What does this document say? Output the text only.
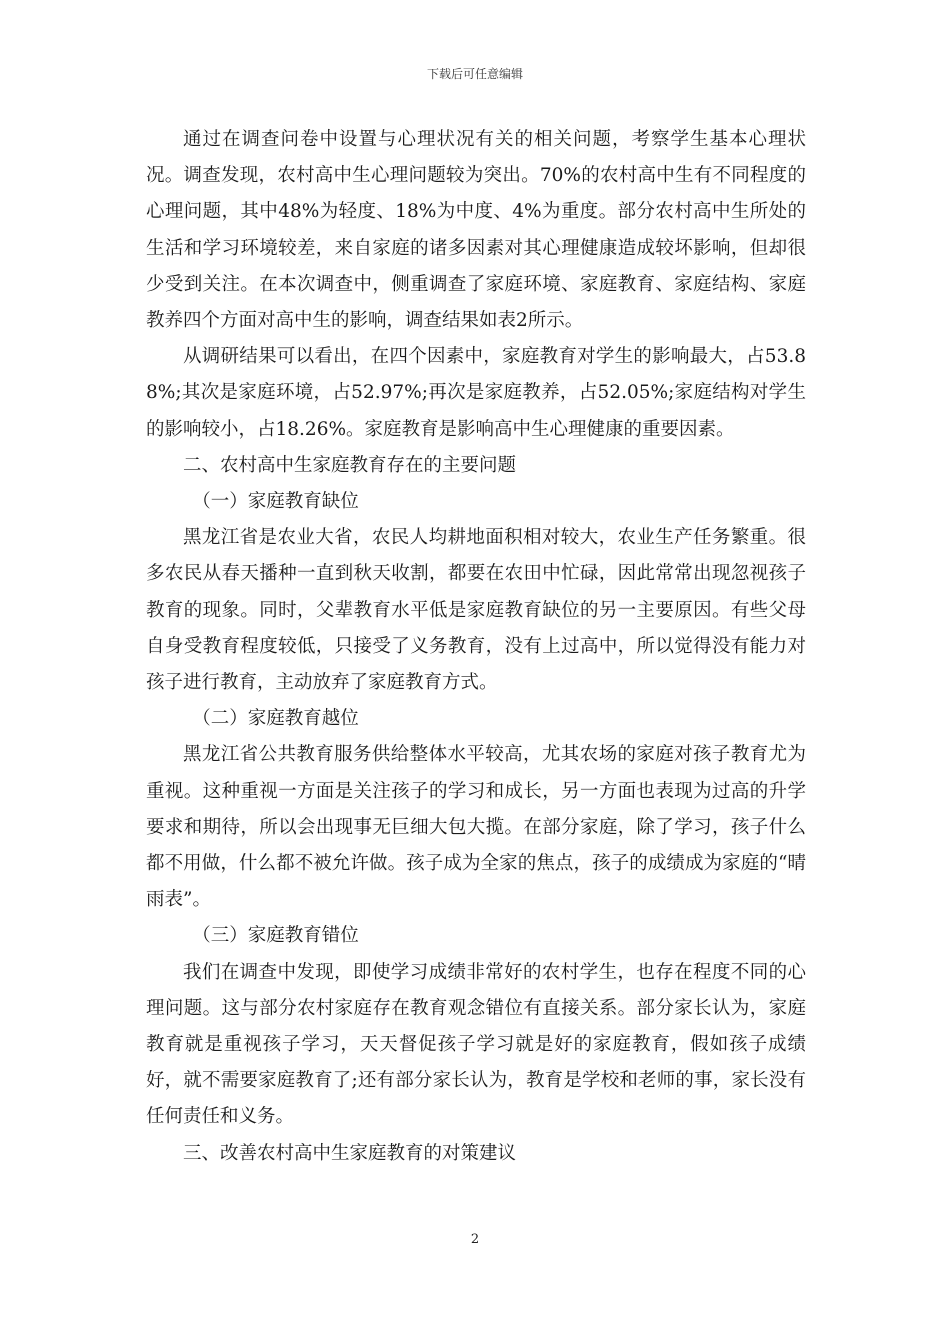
下载后可任意编辑

通过在调查问卷中设置与心理状况有关的相关问题，考察学生基本心理状况。调查发现，农村高中生心理问题较为突出。70%的农村高中生有不同程度的心理问题，其中48%为轻度、18%为中度、4%为重度。部分农村高中生所处的生活和学习环境较差，来自家庭的诸多因素对其心理健康造成较坏影响，但却很少受到关注。在本次调查中，侧重调查了家庭环境、家庭教育、家庭结构、家庭教养四个方面对高中生的影响，调查结果如表2所示。

从调研结果可以看出，在四个因素中，家庭教育对学生的影响最大，占53.88%;其次是家庭环境，占52.97%;再次是家庭教养，占52.05%;家庭结构对学生的影响较小，占18.26%。家庭教育是影响高中生心理健康的重要因素。

二、农村高中生家庭教育存在的主要问题

（一）家庭教育缺位

黑龙江省是农业大省，农民人均耕地面积相对较大，农业生产任务繁重。很多农民从春天播种一直到秋天收割，都要在农田中忙碌，因此常常出现忽视孩子教育的现象。同时，父辈教育水平低是家庭教育缺位的另一主要原因。有些父母自身受教育程度较低，只接受了义务教育，没有上过高中，所以觉得没有能力对孩子进行教育，主动放弃了家庭教育方式。

（二）家庭教育越位

黑龙江省公共教育服务供给整体水平较高，尤其农场的家庭对孩子教育尤为重视。这种重视一方面是关注孩子的学习和成长，另一方面也表现为过高的升学要求和期待，所以会出现事无巨细大包大揽。在部分家庭，除了学习，孩子什么都不用做，什么都不被允许做。孩子成为全家的焦点，孩子的成绩成为家庭的“晴雨表”。

（三）家庭教育错位

我们在调查中发现，即使学习成绩非常好的农村学生，也存在程度不同的心理问题。这与部分农村家庭存在教育观念错位有直接关系。部分家长认为，家庭教育就是重视孩子学习，天天督促孩子学习就是好的家庭教育，假如孩子成绩好，就不需要家庭教育了;还有部分家长认为，教育是学校和老师的事，家长没有任何责任和义务。

三、改善农村高中生家庭教育的对策建议

2
